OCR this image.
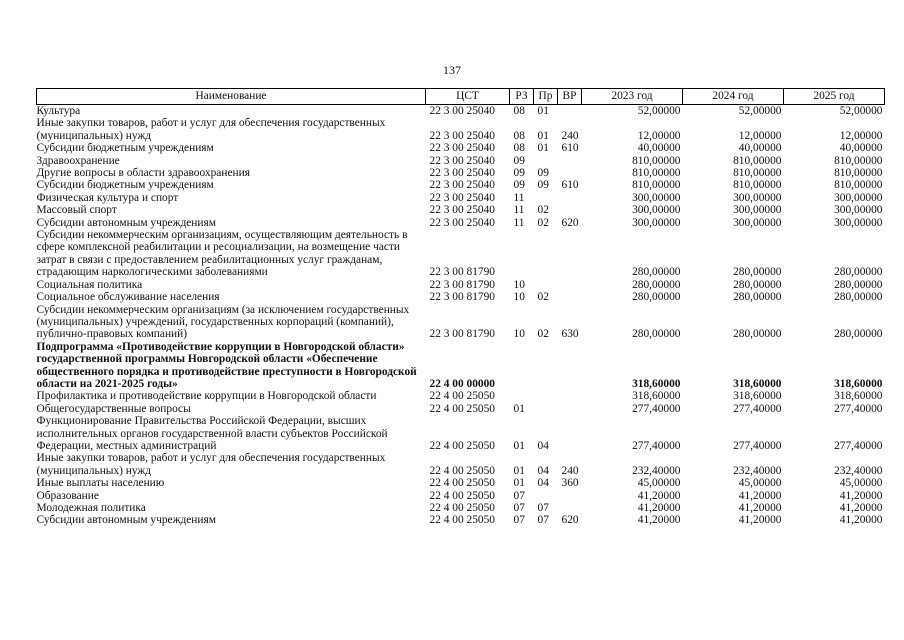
137
Наименование	ЦСТ	РЗ	Пр	ВР	2023 год	2024 год	2025 год
Культура	22 3 00 25040	08	01		52,00000	52,00000	52,00000
Иные закупки товаров, работ и услуг для обеспечения государственных (муниципальных) нужд	22 3 00 25040	08	01	240	12,00000	12,00000	12,00000
Субсидии бюджетным учреждениям	22 3 00 25040	08	01	610	40,00000	40,00000	40,00000
Здравоохранение	22 3 00 25040	09			810,00000	810,00000	810,00000
Другие вопросы в области здравоохранения	22 3 00 25040	09	09		810,00000	810,00000	810,00000
Субсидии бюджетным учреждениям	22 3 00 25040	09	09	610	810,00000	810,00000	810,00000
Физическая культура и спорт	22 3 00 25040	11			300,00000	300,00000	300,00000
Массовый спорт	22 3 00 25040	11	02		300,00000	300,00000	300,00000
Субсидии автономным учреждениям	22 3 00 25040	11	02	620	300,00000	300,00000	300,00000
Субсидии некоммерческим организациям, осуществляющим деятельность в сфере комплексной реабилитации и ресоциализации, на возмещение части затрат в связи с предоставлением реабилитационных услуг гражданам, страдающим наркологическими заболеваниями	22 3 00 81790				280,00000	280,00000	280,00000
Социальная политика	22 3 00 81790	10			280,00000	280,00000	280,00000
Социальное обслуживание населения	22 3 00 81790	10	02		280,00000	280,00000	280,00000
Субсидии некоммерческим организациям (за исключением государственных (муниципальных) учреждений, государственных корпораций (компаний), публично-правовых компаний)	22 3 00 81790	10	02	630	280,00000	280,00000	280,00000
Подпрограмма «Противодействие коррупции в Новгородской области» государственной программы Новгородской области «Обеспечение общественного порядка и противодействие преступности в Новгородской области на 2021-2025 годы»	22 4 00 00000				318,60000	318,60000	318,60000
Профилактика и противодействие коррупции в Новгородской области	22 4 00 25050				318,60000	318,60000	318,60000
Общегосударственные вопросы	22 4 00 25050	01			277,40000	277,40000	277,40000
Функционирование Правительства Российской Федерации, высших исполнительных органов государственной власти субъектов Российской Федерации, местных администраций	22 4 00 25050	01	04		277,40000	277,40000	277,40000
Иные закупки товаров, работ и услуг для обеспечения государственных (муниципальных) нужд	22 4 00 25050	01	04	240	232,40000	232,40000	232,40000
Иные выплаты населению	22 4 00 25050	01	04	360	45,00000	45,00000	45,00000
Образование	22 4 00 25050	07			41,20000	41,20000	41,20000
Молодежная политика	22 4 00 25050	07	07		41,20000	41,20000	41,20000
Субсидии автономным учреждениям	22 4 00 25050	07	07	620	41,20000	41,20000	41,20000
